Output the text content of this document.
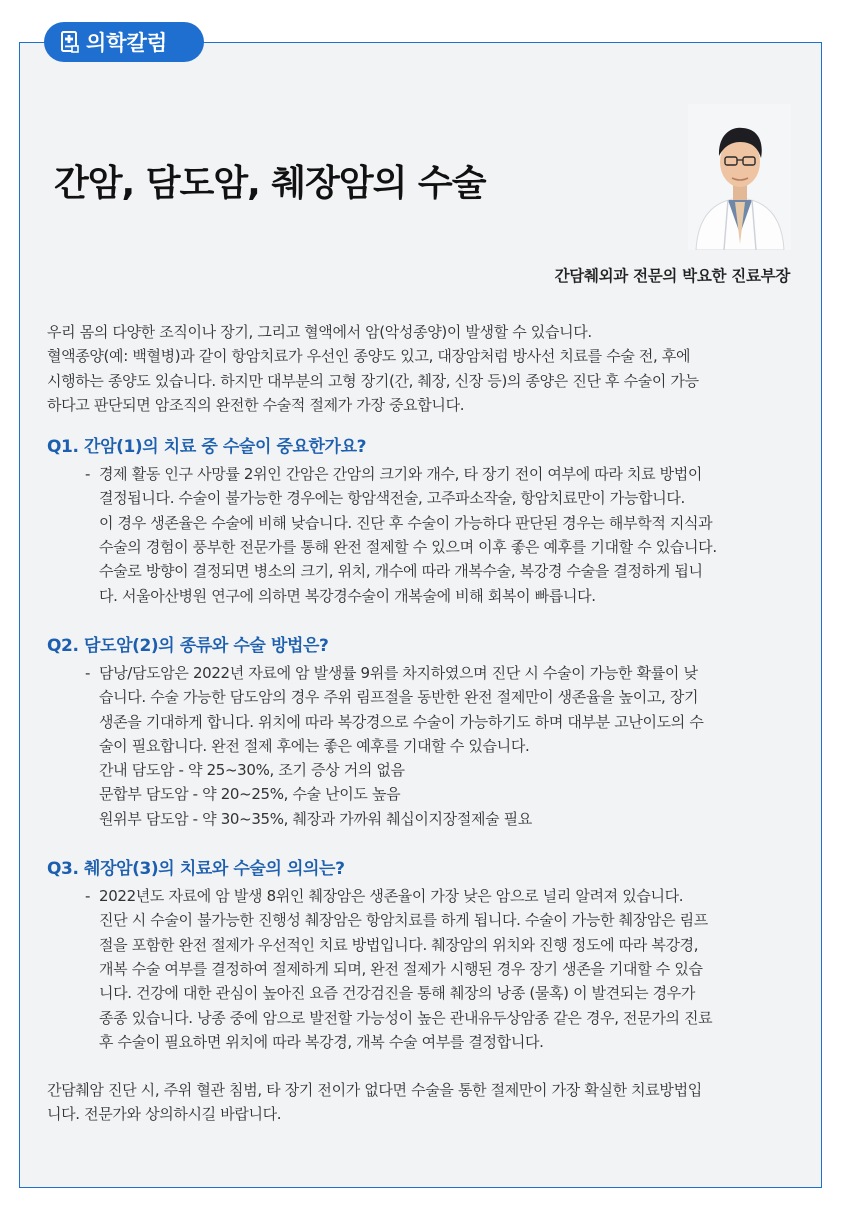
의학칼럼
간암, 담도암, 췌장암의 수술
간담췌외과 전문의 박요한 진료부장

우리 몸의 다양한 조직이나 장기, 그리고 혈액에서 암(악성종양)이 발생할 수 있습니다.

혈액종양(예: 백혈병)과 같이 항암치료가 우선인 종양도 있고, 대장암처럼 방사선 치료를 수술 전, 후에

시행하는 종양도 있습니다. 하지만 대부분의 고형 장기(간, 췌장, 신장 등)의 종양은 진단 후 수술이 가능

하다고 판단되면 암조직의 완전한 수술적 절제가 가장 중요합니다.

Q1. 간암(1)의 치료 중 수술이 중요한가요?
- 경제 활동 인구 사망률 2위인 간암은 간암의 크기와 개수, 타 장기 전이 여부에 따라 치료 방법이
결정됩니다. 수술이 불가능한 경우에는 항암색전술, 고주파소작술, 항암치료만이 가능합니다.
이 경우 생존율은 수술에 비해 낮습니다. 진단 후 수술이 가능하다 판단된 경우는 해부학적 지식과
수술의 경험이 풍부한 전문가를 통해 완전 절제할 수 있으며 이후 좋은 예후를 기대할 수 있습니다.
수술로 방향이 결정되면 병소의 크기, 위치, 개수에 따라 개복수술, 복강경 수술을 결정하게 됩니
다. 서울아산병원 연구에 의하면 복강경수술이 개복술에 비해 회복이 빠릅니다.
Q2. 담도암(2)의 종류와 수술 방법은?
- 담낭/담도암은 2022년 자료에 암 발생률 9위를 차지하였으며 진단 시 수술이 가능한 확률이 낮
습니다. 수술 가능한 담도암의 경우 주위 림프절을 동반한 완전 절제만이 생존율을 높이고, 장기
생존을 기대하게 합니다. 위치에 따라 복강경으로 수술이 가능하기도 하며 대부분 고난이도의 수
술이 필요합니다. 완전 절제 후에는 좋은 예후를 기대할 수 있습니다.
간내 담도암 - 약 25~30%, 조기 증상 거의 없음
문합부 담도암 - 약 20~25%, 수술 난이도 높음
원위부 담도암 - 약 30~35%, 췌장과 가까워 췌십이지장절제술 필요
Q3. 췌장암(3)의 치료와 수술의 의의는?
- 2022년도 자료에 암 발생 8위인 췌장암은 생존율이 가장 낮은 암으로 널리 알려져 있습니다.
진단 시 수술이 불가능한 진행성 췌장암은 항암치료를 하게 됩니다. 수술이 가능한 췌장암은 림프
절을 포함한 완전 절제가 우선적인 치료 방법입니다. 췌장암의 위치와 진행 정도에 따라 복강경,
개복 수술 여부를 결정하여 절제하게 되며, 완전 절제가 시행된 경우 장기 생존을 기대할 수 있습
니다. 건강에 대한 관심이 높아진 요즘 건강검진을 통해 췌장의 낭종 (물혹) 이 발견되는 경우가
종종 있습니다. 낭종 중에 암으로 발전할 가능성이 높은 관내유두상암종 같은 경우, 전문가의 진료
후 수술이 필요하면 위치에 따라 복강경, 개복 수술 여부를 결정합니다.

간담췌암 진단 시, 주위 혈관 침범, 타 장기 전이가 없다면 수술을 통한 절제만이 가장 확실한 치료방법입

니다. 전문가와 상의하시길 바랍니다.
